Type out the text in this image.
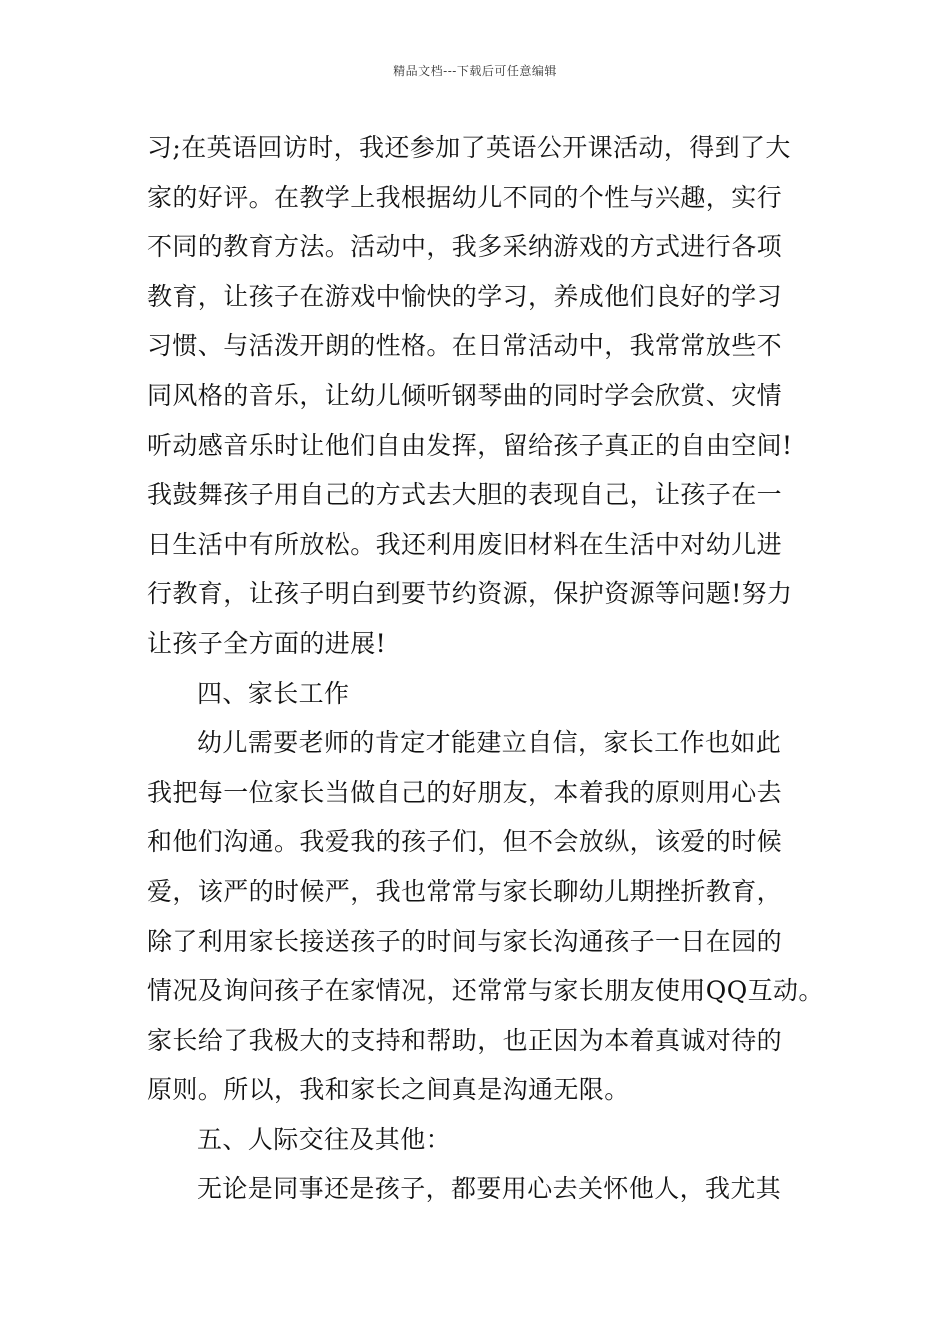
精品文档---下载后可任意编辑
习;在英语回访时，我还参加了英语公开课活动，得到了大
家的好评。在教学上我根据幼儿不同的个性与兴趣，实行
不同的教育方法。活动中，我多采纳游戏的方式进行各项
教育，让孩子在游戏中愉快的学习，养成他们良好的学习
习惯、与活泼开朗的性格。在日常活动中，我常常放些不
同风格的音乐，让幼儿倾听钢琴曲的同时学会欣赏、灾情
听动感音乐时让他们自由发挥，留给孩子真正的自由空间!
我鼓舞孩子用自己的方式去大胆的表现自己，让孩子在一
日生活中有所放松。我还利用废旧材料在生活中对幼儿进
行教育，让孩子明白到要节约资源，保护资源等问题!努力
让孩子全方面的进展!
四、家长工作
幼儿需要老师的肯定才能建立自信，家长工作也如此
我把每一位家长当做自己的好朋友，本着我的原则用心去
和他们沟通。我爱我的孩子们，但不会放纵，该爱的时候
爱，该严的时候严，我也常常与家长聊幼儿期挫折教育，
除了利用家长接送孩子的时间与家长沟通孩子一日在园的
情况及询问孩子在家情况，还常常与家长朋友使用QQ互动。
家长给了我极大的支持和帮助，也正因为本着真诚对待的
原则。所以，我和家长之间真是沟通无限。
五、人际交往及其他：
无论是同事还是孩子，都要用心去关怀他人，我尤其
